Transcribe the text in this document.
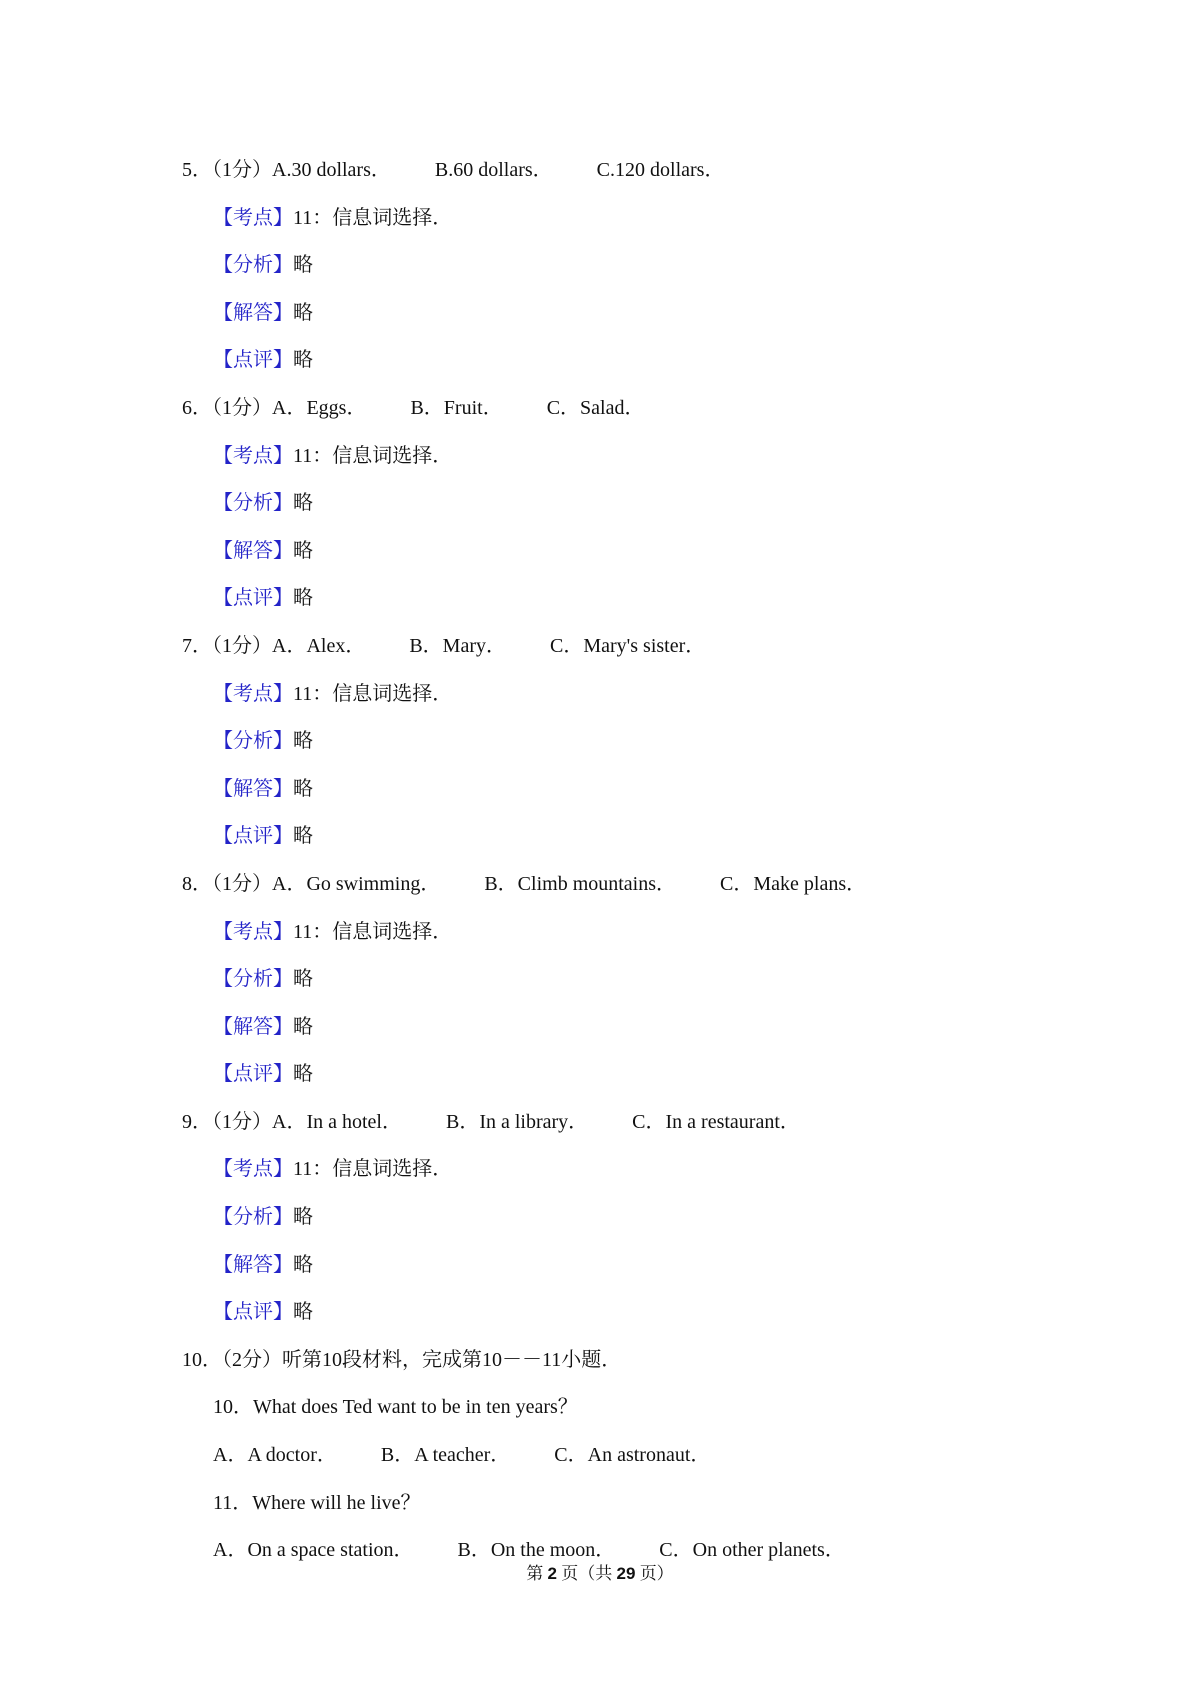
5．（1分）A.30 dollars． B.60 dollars． C.120 dollars．
【考点】11：信息词选择．
【分析】略
【解答】略
【点评】略
6．（1分）A．Eggs． B．Fruit． C．Salad．
【考点】11：信息词选择．
【分析】略
【解答】略
【点评】略
7．（1分）A．Alex． B．Mary． C．Mary's sister．
【考点】11：信息词选择．
【分析】略
【解答】略
【点评】略
8．（1分）A．Go swimming． B．Climb mountains． C．Make plans．
【考点】11：信息词选择．
【分析】略
【解答】略
【点评】略
9．（1分）A．In a hotel． B．In a library． C．In a restaurant．
【考点】11：信息词选择．
【分析】略
【解答】略
【点评】略
10．（2分）听第10段材料，完成第10－－11小题．
10．What does Ted want to be in ten years？
A．A doctor． B．A teacher． C．An astronaut．
11．Where will he live？
A．On a space station． B．On the moon． C．On other planets．
第 2 页（共 29 页）
